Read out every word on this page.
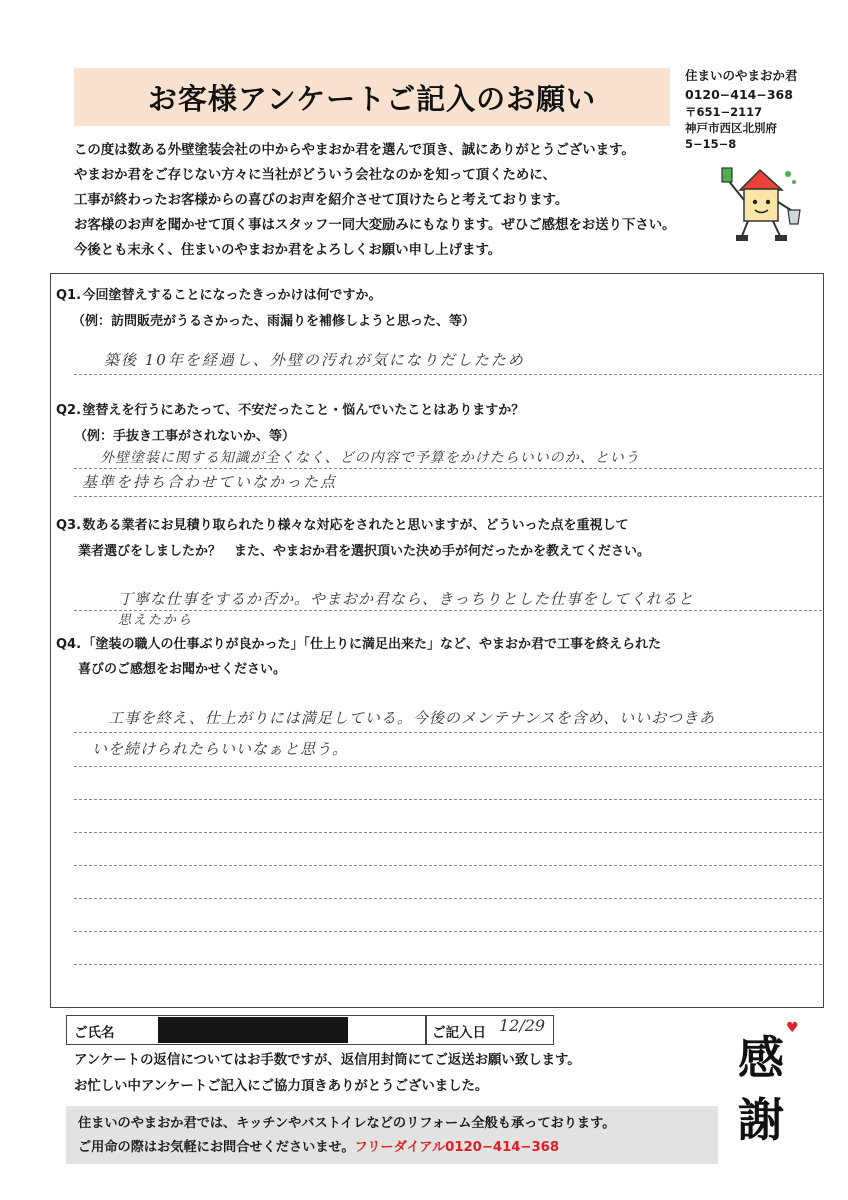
お客様アンケートご記入のお願い
住まいのやまおか君
0120−414−368
〒651−2117
神戸市西区北別府
5−15−8
この度は数ある外壁塗装会社の中からやまおか君を選んで頂き、誠にありがとうございます。
やまおか君をご存じない方々に当社がどういう会社なのかを知って頂くために、
工事が終わったお客様からの喜びのお声を紹介させて頂けたらと考えております。
お客様のお声を聞かせて頂く事はスタッフ一同大変励みにもなります。ぜひご感想をお送り下さい。
今後とも末永く、住まいのやまおか君をよろしくお願い申し上げます。
Q1. 今回塗替えすることになったきっかけは何ですか。
（例：訪問販売がうるさかった、雨漏りを補修しようと思った、等）
築後 10年を経過し、外壁の汚れが気になりだしたため
Q2. 塗替えを行うにあたって、不安だったこと・悩んでいたことはありますか？
（例：手抜き工事がされないか、等）
外壁塗装に関する知識が全くなく、どの内容で予算をかけたらいいのか、という
基準を持ち合わせていなかった点
Q3. 数ある業者にお見積り取られたり様々な対応をされたと思いますが、どういった点を重視して
業者選びをしましたか？　また、やまおか君を選択頂いた決め手が何だったかを教えてください。
丁寧な仕事をするか否か。やまおか君なら、きっちりとした仕事をしてくれると
思えたから
Q4. 「塗装の職人の仕事ぶりが良かった」「仕上りに満足出来た」など、やまおか君で工事を終えられた
喜びのご感想をお聞かせください。
工事を終え、仕上がりには満足している。今後のメンテナンスを含め、いいおつきあ
いを続けられたらいいなぁと思う。
ご氏名	ご記入日 12/29
アンケートの返信についてはお手数ですが、返信用封筒にてご返送お願い致します。
お忙しい中アンケートご記入にご協力頂きありがとうございました。
♥
感
謝
住まいのやまおか君では、キッチンやバストイレなどのリフォーム全般も承っております。
ご用命の際はお気軽にお問合せくださいませ。フリーダイアル0120−414−368
